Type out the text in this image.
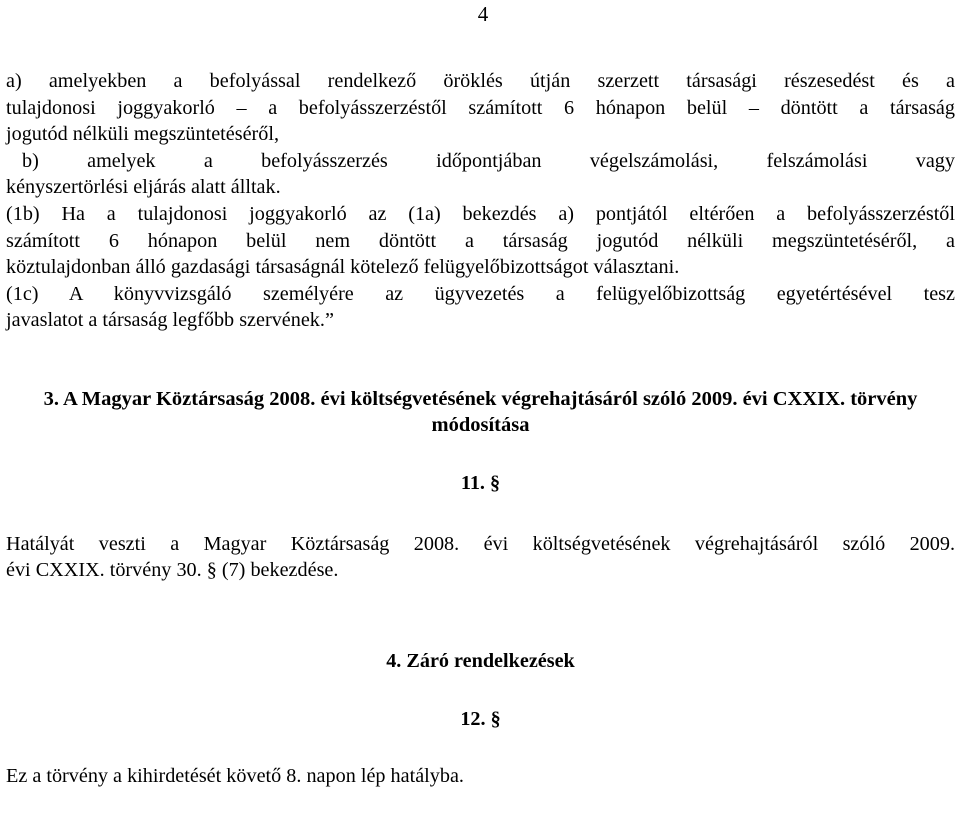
4

a) amelyekben a befolyással rendelkező öröklés útján szerzett társasági részesedést és a

tulajdonosi joggyakorló – a befolyásszerzéstől számított 6 hónapon belül – döntött a társaság

jogutód nélküli megszüntetéséről,

b) amelyek a befolyásszerzés időpontjában végelszámolási, felszámolási vagy

kényszertörlési eljárás alatt álltak.

(1b) Ha a tulajdonosi joggyakorló az (1a) bekezdés a) pontjától eltérően a befolyásszerzéstől

számított 6 hónapon belül nem döntött a társaság jogutód nélküli megszüntetéséről, a

köztulajdonban álló gazdasági társaságnál kötelező felügyelőbizottságot választani.

(1c) A könyvvizsgáló személyére az ügyvezetés a felügyelőbizottság egyetértésével tesz

javaslatot a társaság legfőbb szervének.”

3. A Magyar Köztársaság 2008. évi költségvetésének végrehajtásáról szóló 2009. évi CXXIX. törvény módosítása

11. §

Hatályát veszti a Magyar Köztársaság 2008. évi költségvetésének végrehajtásáról szóló 2009.

évi CXXIX. törvény 30. § (7) bekezdése.

4. Záró rendelkezések

12. §

Ez a törvény a kihirdetését követő 8. napon lép hatályba.
